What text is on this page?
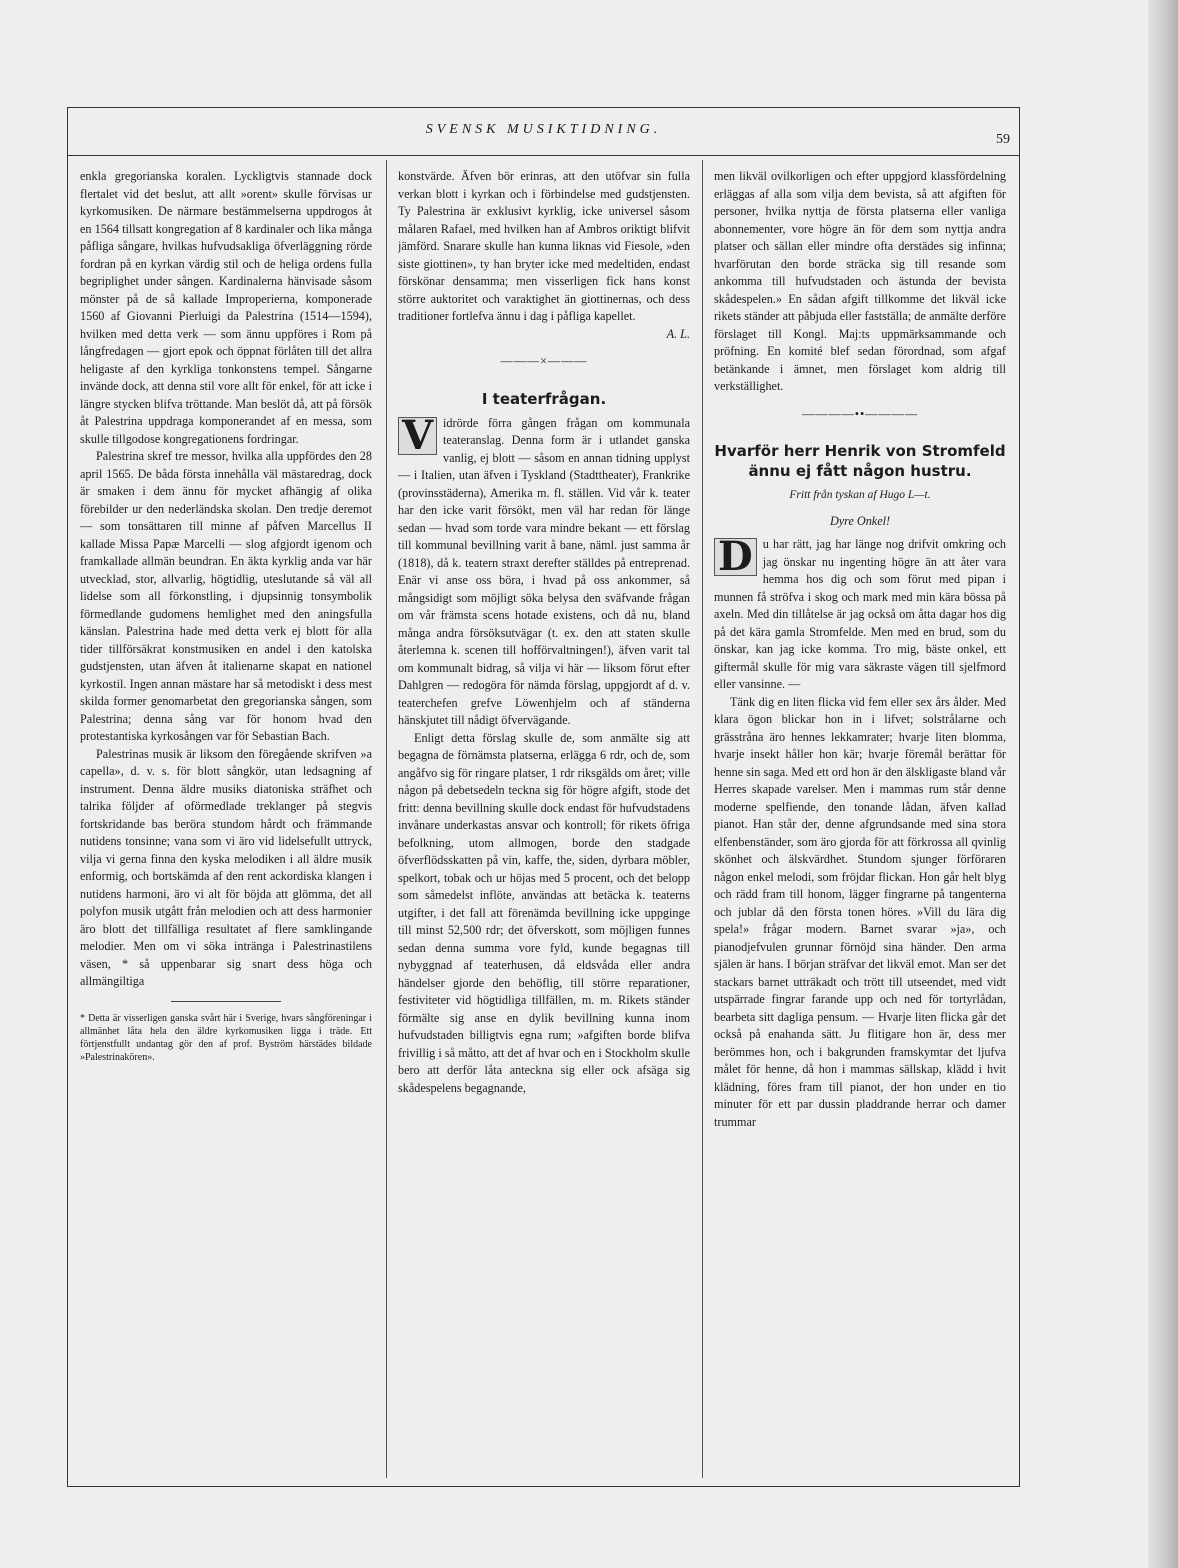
SVENSK MUSIKTIDNING.
59

enkla gregorianska koralen. Lyckligtvis stannade dock flertalet vid det beslut, att allt »orent» skulle förvisas ur kyrkomusiken. De närmare bestämmelserna uppdrogos åt en 1564 tillsatt kongregation af 8 kardinaler och lika många påfliga sångare, hvilkas hufvudsakliga öfverläggning rörde fordran på en kyrkan värdig stil och de heliga ordens fulla begriplighet under sången. Kardinalerna hänvisade såsom mönster på de så kallade Improperierna, komponerade 1560 af Giovanni Pierluigi da Palestrina (1514—1594), hvilken med detta verk — som ännu uppföres i Rom på långfredagen — gjort epok och öppnat förlåten till det allra heligaste af den kyrkliga tonkonstens tempel. Sångarne invände dock, att denna stil vore allt för enkel, för att icke i längre stycken blifva tröttande. Man beslöt då, att på försök åt Palestrina uppdraga komponerandet af en messa, som skulle tillgodose kongregationens fordringar.

Palestrina skref tre messor, hvilka alla uppfördes den 28 april 1565. De båda första innehålla väl mästaredrag, dock är smaken i dem ännu för mycket afhängig af olika förebilder ur den nederländska skolan. Den tredje deremot — som tonsättaren till minne af påfven Marcellus II kallade Missa Papæ Marcelli — slog afgjordt igenom och framkallade allmän beundran. En äkta kyrklig anda var här utvecklad, stor, allvarlig, högtidlig, uteslutande så väl all lidelse som all förkonstling, i djupsinnig tonsymbolik förmedlande gudomens hemlighet med den aningsfulla känslan. Palestrina hade med detta verk ej blott för alla tider tillförsäkrat konstmusiken en andel i den katolska gudstjensten, utan äfven åt italienarne skapat en nationel kyrkostil. Ingen annan mästare har så metodiskt i dess mest skilda former genomarbetat den gregorianska sången, som Palestrina; denna sång var för honom hvad den protestantiska kyrkosången var för Sebastian Bach.

Palestrinas musik är liksom den föregående skrifven »a capella», d. v. s. för blott sångkör, utan ledsagning af instrument. Denna äldre musiks diatoniska sträfhet och talrika följder af oförmedlade treklanger på stegvis fortskridande bas beröra stundom hårdt och främmande nutidens tonsinne; vana som vi äro vid lidelsefullt uttryck, vilja vi gerna finna den kyska melodiken i all äldre musik enformig, och bortskämda af den rent ackordiska klangen i nutidens harmoni, äro vi alt för böjda att glömma, det all polyfon musik utgått från melodien och att dess harmonier äro blott det tillfälliga resultatet af flere samklingande melodier. Men om vi söka intränga i Palestrinastilens väsen, * så uppenbarar sig snart dess höga och allmängiltiga

* Detta är visserligen ganska svårt här i Sverige, hvars sångföreningar i allmänhet låta hela den äldre kyrkomusiken ligga i träde. Ett förtjenstfullt undantag gör den af prof. Byström härstädes bildade »Palestrinakören».

konstvärde. Äfven bör erinras, att den utöfvar sin fulla verkan blott i kyrkan och i förbindelse med gudstjensten. Ty Palestrina är exklusivt kyrklig, icke universel såsom målaren Rafael, med hvilken han af Ambros oriktigt blifvit jämförd. Snarare skulle han kunna liknas vid Fiesole, »den siste giottinen», ty han bryter icke med medeltiden, endast förskönar densamma; men visserligen fick hans konst större auktoritet och varaktighet än giottinernas, och dess traditioner fortlefva ännu i dag i påfliga kapellet.

A. L.
———×———
I teaterfrågan.

V idrörde förra gången frågan om kommunala teateranslag. Denna form är i utlandet ganska vanlig, ej blott — såsom en annan tidning upplyst — i Italien, utan äfven i Tyskland (Stadttheater), Frankrike (provinsstäderna), Amerika m. fl. ställen. Vid vår k. teater har den icke varit försökt, men väl har redan för länge sedan — hvad som torde vara mindre bekant — ett förslag till kommunal bevillning varit å bane, näml. just samma år (1818), då k. teatern straxt derefter ställdes på entreprenad. Enär vi anse oss böra, i hvad på oss ankommer, så mångsidigt som möjligt söka belysa den sväfvande frågan om vår främsta scens hotade existens, och då nu, bland många andra försöksutvägar (t. ex. den att staten skulle återlemna k. scenen till hofförvaltningen!), äfven varit tal om kommunalt bidrag, så vilja vi här — liksom förut efter Dahlgren — redogöra för nämda förslag, uppgjordt af d. v. teaterchefen grefve Löwenhjelm och af ständerna hänskjutet till nådigt öfvervägande.

Enligt detta förslag skulle de, som anmälte sig att begagna de förnämsta platserna, erlägga 6 rdr, och de, som angåfvo sig för ringare platser, 1 rdr riksgälds om året; ville någon på debetsedeln teckna sig för högre afgift, stode det fritt: denna bevillning skulle dock endast för hufvudstadens invånare underkastas ansvar och kontroll; för rikets öfriga befolkning, utom allmogen, borde den stadgade öfverflödsskatten på vin, kaffe, the, siden, dyrbara möbler, spelkort, tobak och ur höjas med 5 procent, och det belopp som såmedelst inflöte, användas att betäcka k. teaterns utgifter, i det fall att förenämda bevillning icke uppginge till minst 52,500 rdr; det öfverskott, som möjligen funnes sedan denna summa vore fyld, kunde begagnas till nybyggnad af teaterhusen, då eldsvåda eller andra händelser gjorde den behöflig, till större reparationer, festiviteter vid högtidliga tillfällen, m. m. Rikets ständer förmälte sig anse en dylik bevillning kunna inom hufvudstaden billigtvis egna rum; »afgiften borde blifva frivillig i så måtto, att det af hvar och en i Stockholm skulle bero att derför låta anteckna sig eller ock afsäga sig skådespelens begagnande,

men likväl ovilkorligen och efter uppgjord klassfördelning erläggas af alla som vilja dem bevista, så att afgiften för personer, hvilka nyttja de första platserna eller vanliga abonnementer, vore högre än för dem som nyttja andra platser och sällan eller mindre ofta derstädes sig infinna; hvarförutan den borde sträcka sig till resande som ankomma till hufvudstaden och ästunda der bevista skådespelen.» En sådan afgift tillkomme det likväl icke rikets ständer att påbjuda eller fastställa; de anmälte derföre förslaget till Kongl. Maj:ts uppmärksammande och pröfning. En komité blef sedan förordnad, som afgaf betänkande i ämnet, men förslaget kom aldrig till verkställighet.

————••————
Hvarför herr Henrik von Stromfeld ännu ej fått någon hustru.
Fritt från tyskan af Hugo L—t.
Dyre Onkel!

D u har rätt, jag har länge nog drifvit omkring och jag önskar nu ingenting högre än att åter vara hemma hos dig och som förut med pipan i munnen få ströfva i skog och mark med min kära bössa på axeln. Med din tillåtelse är jag också om åtta dagar hos dig på det kära gamla Stromfelde. Men med en brud, som du önskar, kan jag icke komma. Tro mig, bäste onkel, ett giftermål skulle för mig vara säkraste vägen till sjelfmord eller vansinne. —

Tänk dig en liten flicka vid fem eller sex års ålder. Med klara ögon blickar hon in i lifvet; solstrålarne och grässtråna äro hennes lekkamrater; hvarje liten blomma, hvarje insekt håller hon kär; hvarje föremål berättar för henne sin saga. Med ett ord hon är den älskligaste bland vår Herres skapade varelser. Men i mammas rum står denne moderne spelfiende, den tonande lådan, äfven kallad pianot. Han står der, denne afgrundsande med sina stora elfenbenständer, som äro gjorda för att förkrossa all qvinlig skönhet och älskvärdhet. Stundom sjunger förföraren någon enkel melodi, som fröjdar flickan. Hon går helt blyg och rädd fram till honom, lägger fingrarne på tangenterna och jublar då den första tonen höres. »Vill du lära dig spela!» frågar modern. Barnet svarar »ja», och pianodjefvulen grunnar förnöjd sina händer. Den arma själen är hans. I början sträfvar det likväl emot. Man ser det stackars barnet utträkadt och trött till utseendet, med vidt utspärrade fingrar farande upp och ned för tortyrlådan, bearbeta sitt dagliga pensum. — Hvarje liten flicka går det också på enahanda sätt. Ju flitigare hon är, dess mer berömmes hon, och i bakgrunden framskymtar det ljufva målet för henne, då hon i mammas sällskap, klädd i hvit klädning, föres fram till pianot, der hon under en tio minuter för ett par dussin pladdrande herrar och damer trummar
